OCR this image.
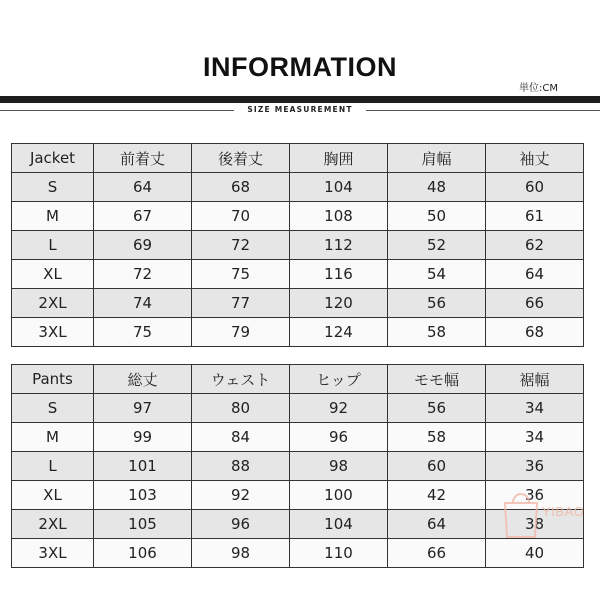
INFORMATION
単位:CM
SIZE MEASUREMENT
Jacket	前着丈	後着丈	胸囲	肩幅	袖丈
S	64	68	104	48	60
M	67	70	108	50	61
L	69	72	112	52	62
XL	72	75	116	54	64
2XL	74	77	120	56	66
3XL	75	79	124	58	68
Pants	総丈	ウェスト	ヒップ	モモ幅	裾幅
S	97	80	92	56	34
M	99	84	96	58	34
L	101	88	98	60	36
XL	103	92	100	42	36
2XL	105	96	104	64	38
3XL	106	98	110	66	40
YIBAO
